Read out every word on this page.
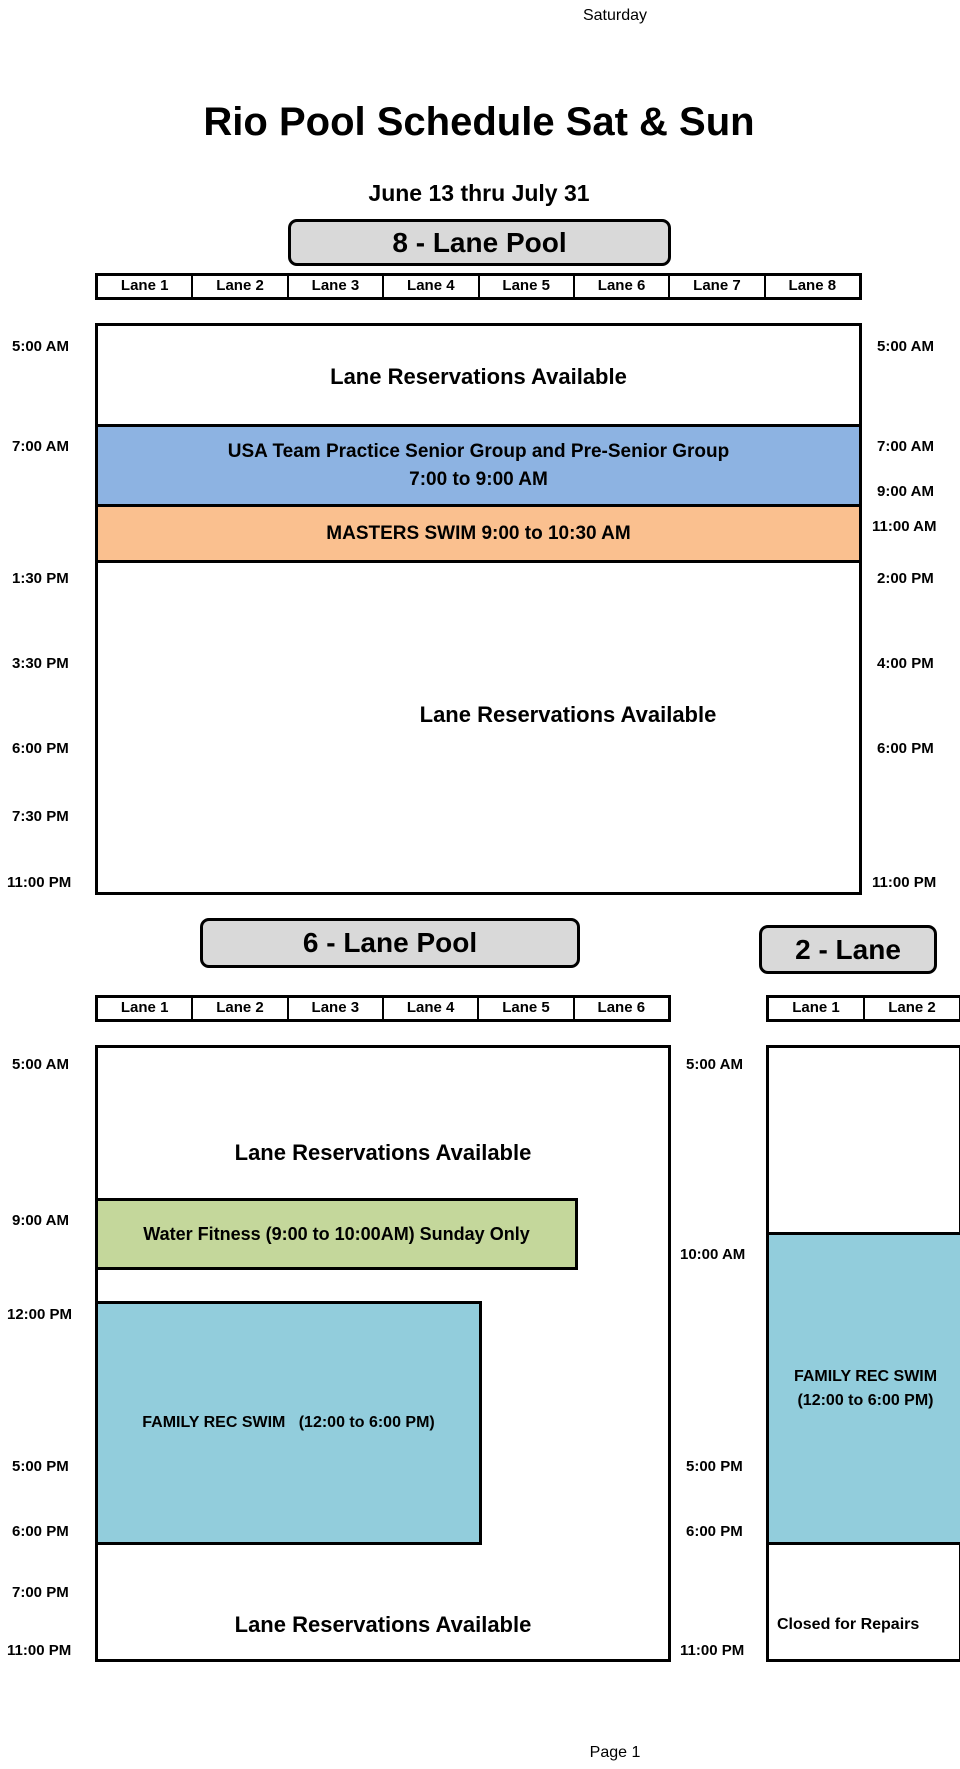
Saturday
Rio Pool Schedule Sat & Sun
June 13 thru July 31
8 - Lane Pool
Lane 1	Lane 2	Lane 3	Lane 4	Lane 5	Lane 6	Lane 7	Lane 8
Lane Reservations Available
USA Team Practice Senior Group and Pre-Senior Group
7:00 to 9:00 AM
MASTERS SWIM 9:00 to 10:30 AM
Lane Reservations Available
5:00 AM
7:00 AM
1:30 PM
3:30 PM
6:00 PM
7:30 PM
11:00 PM
5:00 AM
7:00 AM
9:00 AM
11:00 AM
2:00 PM
4:00 PM
6:00 PM
11:00 PM
6 - Lane Pool
Lane 1	Lane 2	Lane 3	Lane 4	Lane 5	Lane 6
Lane Reservations Available
Water Fitness (9:00 to 10:00AM) Sunday Only
FAMILY REC SWIM   (12:00 to 6:00 PM)
Lane Reservations Available
5:00 AM
9:00 AM
12:00 PM
5:00 PM
6:00 PM
7:00 PM
11:00 PM
5:00 AM
10:00 AM
5:00 PM
6:00 PM
11:00 PM
2 - Lane
Lane 1	Lane 2
FAMILY REC SWIM
(12:00 to 6:00 PM)
Closed for Repairs
Page 1
